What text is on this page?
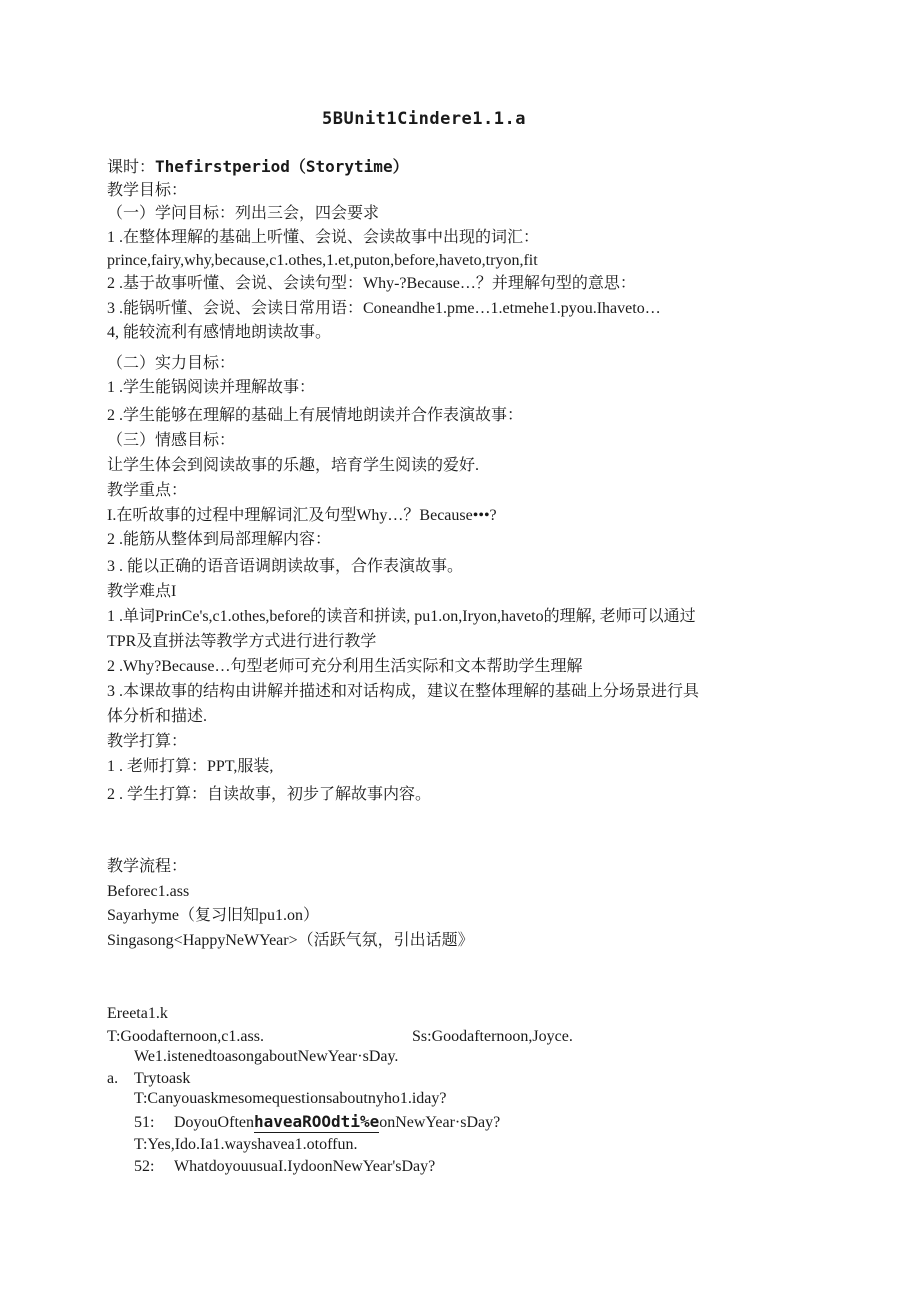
5BUnit1Cindere1.1.a
课时：Thefirstperiod（Storytime）
教学目标：
（一）学问目标：列出三会，四会要求
1 .在整体理解的基础上听懂、会说、会读故事中出现的词汇：
prince,fairy,why,because,c1.othes,1.et,puton,before,haveto,tryon,fit
2 .基于故事听懂、会说、会读句型：Why-?Because…？并理解句型的意思：
3 .能锅听懂、会说、会读日常用语：Coneandhe1.pme…1.etmehe1.pyou.Ihaveto…
4, 能较流利有感情地朗读故事。
（二）实力目标：
1 .学生能锅阅读并理解故事：
2 .学生能够在理解的基础上有展情地朗读并合作表演故事：
（三）情感目标：
让学生体会到阅读故事的乐趣，培育学生阅读的爱好.
教学重点：
I.在听故事的过程中理解词汇及句型Why…？Because•••?
2 .能筋从整体到局部理解内容：
3 . 能以正确的语音语调朗读故事，合作表演故事。
教学难点I
1 .单词PrinCe's,c1.othes,before的读音和拼读, pu1.on,Iryon,haveto的理解, 老师可以通过
TPR及直拼法等教学方式进行进行教学
2 .Why?Because…句型老师可充分利用生活实际和文本帮助学生理解
3 .本课故事的结构由讲解并描述和对话构成，建议在整体理解的基础上分场景进行具
体分析和描述.
教学打算：
1 . 老师打算：PPT,服装,
2 . 学生打算：自读故事，初步了解故事内容。
教学流程：
Beforec1.ass
Sayarhyme（复习旧知pu1.on）
Singasong<HappyNeWYear>（活跃气氛，引出话题》
Ereeta1.k
T:Goodafternoon,c1.ass.	Ss:Goodafternoon,Joyce.
We1.istenedtoasongaboutNewYear·sDay.
a. Trytoask
T:Canyouaskmesomequestionsaboutnyho1.iday?
51: DoyouOftenhaveaROOdti%eonNewYear·sDay?
T:Yes,Ido.Ia1.wayshavea1.otoffun.
52: WhatdoyouusuaI.IydoonNewYear'sDay?
